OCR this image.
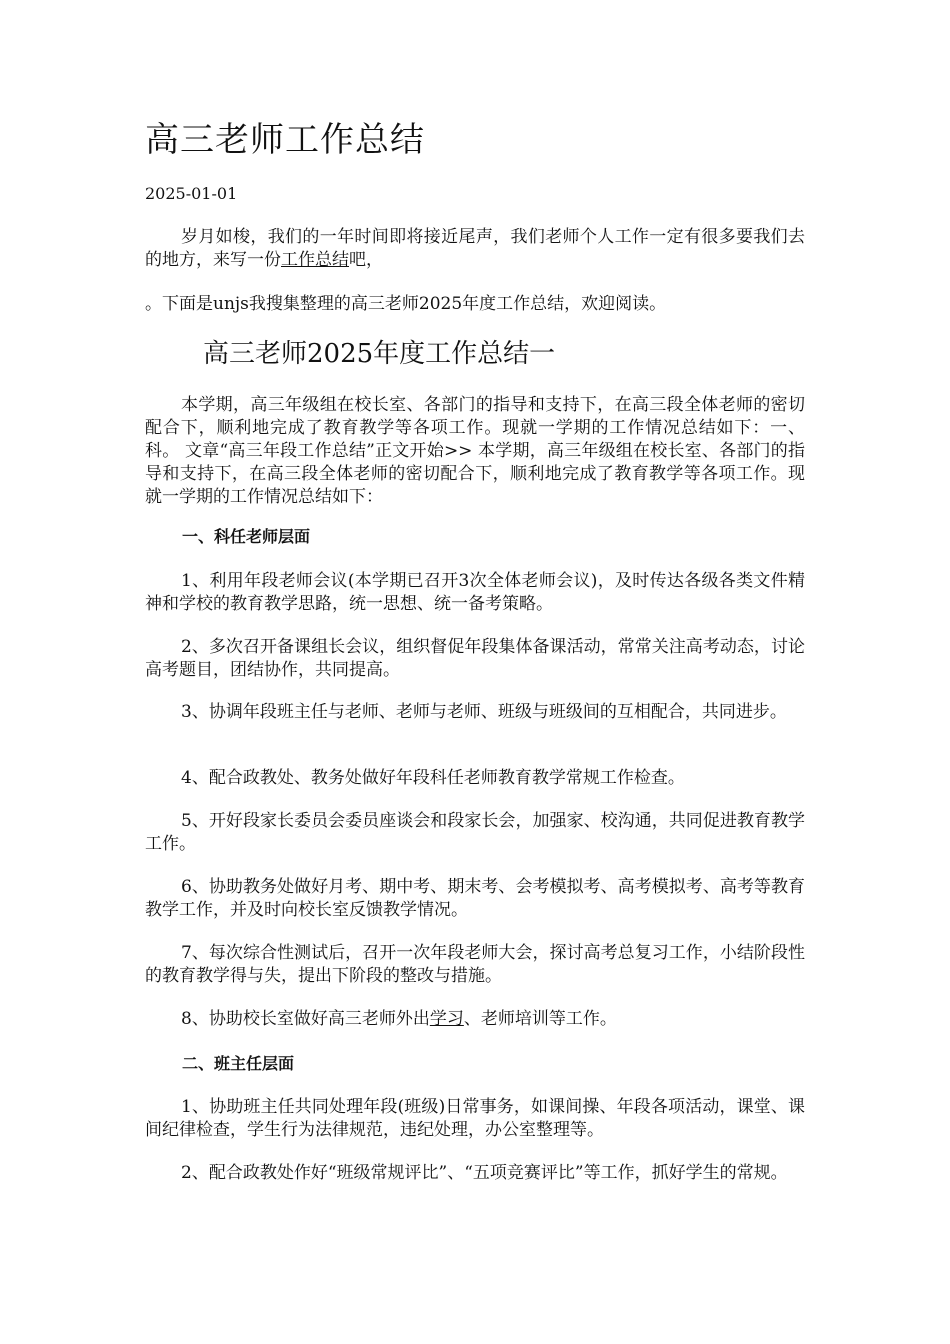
高三老师工作总结
2025-01-01

岁月如梭，我们的一年时间即将接近尾声，我们老师个人工作一定有很多要我们去的地方，来写一份工作总结吧，

。下面是unjs我搜集整理的高三老师2025年度工作总结，欢迎阅读。

高三老师2025年度工作总结一

本学期，高三年级组在校长室、各部门的指导和支持下，在高三段全体老师的密切配合下，顺利地完成了教育教学等各项工作。现就一学期的工作情况总结如下：一、科。 文章“高三年段工作总结”正文开始>> 本学期，高三年级组在校长室、各部门的指导和支持下，在高三段全体老师的密切配合下，顺利地完成了教育教学等各项工作。现就一学期的工作情况总结如下：

一、科任老师层面

1、利用年段老师会议(本学期已召开3次全体老师会议)，及时传达各级各类文件精神和学校的教育教学思路，统一思想、统一备考策略。

2、多次召开备课组长会议，组织督促年段集体备课活动，常常关注高考动态，讨论高考题目，团结协作，共同提高。

3、协调年段班主任与老师、老师与老师、班级与班级间的互相配合，共同进步。

4、配合政教处、教务处做好年段科任老师教育教学常规工作检查。

5、开好段家长委员会委员座谈会和段家长会，加强家、校沟通，共同促进教育教学工作。

6、协助教务处做好月考、期中考、期末考、会考模拟考、高考模拟考、高考等教育教学工作，并及时向校长室反馈教学情况。

7、每次综合性测试后，召开一次年段老师大会，探讨高考总复习工作，小结阶段性的教育教学得与失，提出下阶段的整改与措施。

8、协助校长室做好高三老师外出学习、老师培训等工作。

二、班主任层面

1、协助班主任共同处理年段(班级)日常事务，如课间操、年段各项活动，课堂、课间纪律检查，学生行为法律规范，违纪处理，办公室整理等。

2、配合政教处作好“班级常规评比”、“五项竞赛评比”等工作，抓好学生的常规。
